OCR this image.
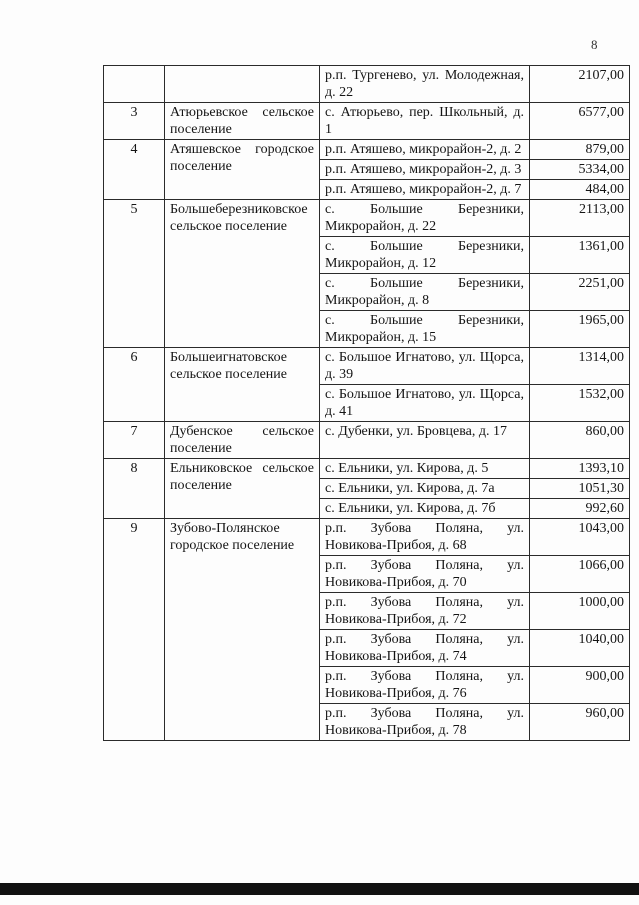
8

		р.п. Тургенево, ул. Молодежная, д. 22	2107,00
3	Атюрьевское сельское поселение	с. Атюрьево, пер. Школьный, д. 1	6577,00
4	Атяшевское городское поселение	р.п. Атяшево, микрорайон-2, д. 2	879,00

		р.п. Атяшево, микрорайон-2, д. 3	5334,00

		р.п. Атяшево, микрорайон-2, д. 7	484,00
5	Большеберезниковское сельское поселение	с. Большие Березники, Микрорайон, д. 22	2113,00

		с. Большие Березники, Микрорайон, д. 12	1361,00

		с. Большие Березники, Микрорайон, д. 8	2251,00

		с. Большие Березники, Микрорайон, д. 15	1965,00
6	Большеигнатовское сельское поселение	с. Большое Игнатово, ул. Щорса, д. 39	1314,00

		с. Большое Игнатово, ул. Щорса, д. 41	1532,00
7	Дубенское сельское поселение	с. Дубенки, ул. Бровцева, д. 17	860,00
8	Ельниковское сельское поселение	с. Ельники, ул. Кирова, д. 5	1393,10

		с. Ельники, ул. Кирова, д. 7а	1051,30

		с. Ельники, ул. Кирова, д. 7б	992,60
9	Зубово-Полянское городское поселение	р.п. Зубова Поляна, ул. Новикова-Прибоя, д. 68	1043,00

		р.п. Зубова Поляна, ул. Новикова-Прибоя, д. 70	1066,00

		р.п. Зубова Поляна, ул. Новикова-Прибоя, д. 72	1000,00

		р.п. Зубова Поляна, ул. Новикова-Прибоя, д. 74	1040,00

		р.п. Зубова Поляна, ул. Новикова-Прибоя, д. 76	900,00

		р.п. Зубова Поляна, ул. Новикова-Прибоя, д. 78	960,00
